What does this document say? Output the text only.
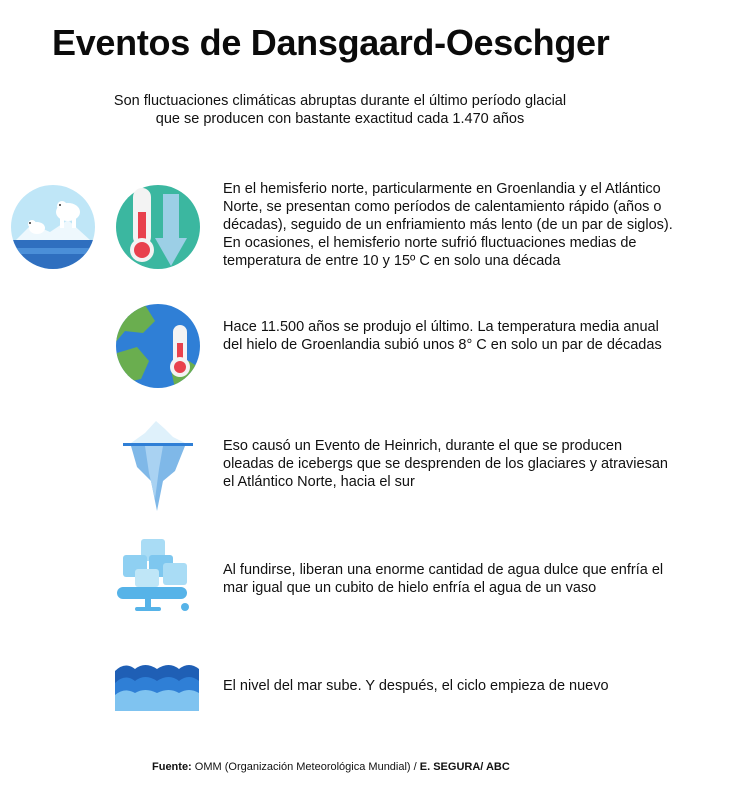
Eventos de Dansgaard-Oeschger
Son fluctuaciones climáticas abruptas durante el último período glacial que se producen con bastante exactitud cada 1.470 años
En el hemisferio norte, particularmente en Groenlandia y el Atlántico Norte, se presentan como períodos de calentamiento rápido (años o décadas), seguido de un enfriamiento más lento (de un par de siglos). En ocasiones, el hemisferio norte sufrió fluctuaciones medias de temperatura de entre 10 y 15º C en solo una década
Hace 11.500 años se produjo el último. La temperatura media anual del hielo de Groenlandia subió unos 8° C en solo un par de décadas
Eso causó un Evento de Heinrich, durante el que se producen oleadas de icebergs que se desprenden de los glaciares y atraviesan el Atlántico Norte, hacia el sur
Al fundirse, liberan una enorme cantidad de agua dulce que enfría el mar igual que un cubito de hielo enfría el agua de un vaso
El nivel del mar sube. Y después, el ciclo empieza de nuevo
Fuente: OMM (Organización Meteorológica Mundial) / E. SEGURA/ ABC
